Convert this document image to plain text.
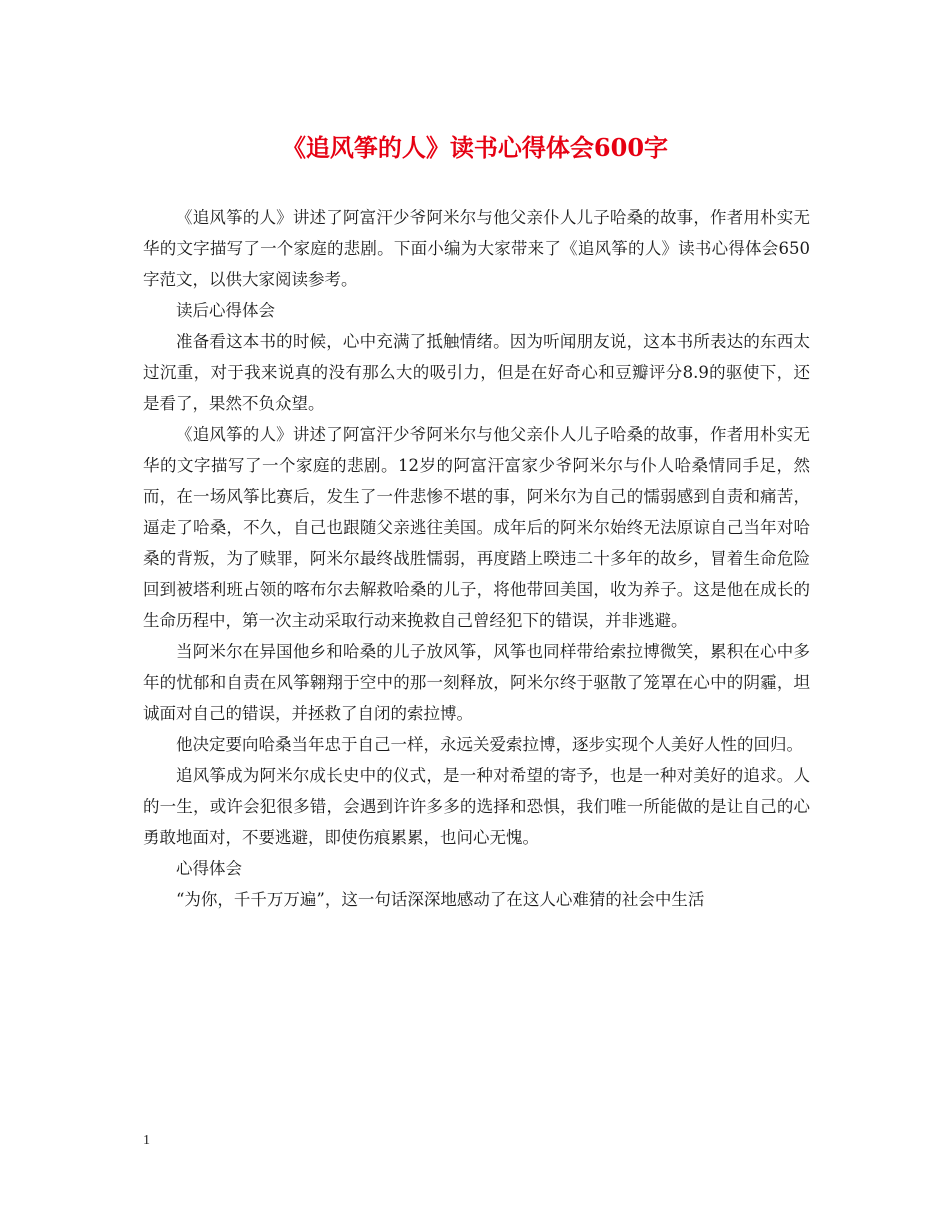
《追风筝的人》读书心得体会600字

《追风筝的人》讲述了阿富汗少爷阿米尔与他父亲仆人儿子哈桑的故事，作者用朴实无华的文字描写了一个家庭的悲剧。下面小编为大家带来了《追风筝的人》读书心得体会650字范文，以供大家阅读参考。

读后心得体会

准备看这本书的时候，心中充满了抵触情绪。因为听闻朋友说，这本书所表达的东西太过沉重，对于我来说真的没有那么大的吸引力，但是在好奇心和豆瓣评分8.9的驱使下，还是看了，果然不负众望。

《追风筝的人》讲述了阿富汗少爷阿米尔与他父亲仆人儿子哈桑的故事，作者用朴实无华的文字描写了一个家庭的悲剧。12岁的阿富汗富家少爷阿米尔与仆人哈桑情同手足，然而，在一场风筝比赛后，发生了一件悲惨不堪的事，阿米尔为自己的懦弱感到自责和痛苦，逼走了哈桑，不久，自己也跟随父亲逃往美国。成年后的阿米尔始终无法原谅自己当年对哈桑的背叛，为了赎罪，阿米尔最终战胜懦弱，再度踏上暌违二十多年的故乡，冒着生命危险回到被塔利班占领的喀布尔去解救哈桑的儿子，将他带回美国，收为养子。这是他在成长的生命历程中，第一次主动采取行动来挽救自己曾经犯下的错误，并非逃避。

当阿米尔在异国他乡和哈桑的儿子放风筝，风筝也同样带给索拉博微笑，累积在心中多年的忧郁和自责在风筝翱翔于空中的那一刻释放，阿米尔终于驱散了笼罩在心中的阴霾，坦诚面对自己的错误，并拯救了自闭的索拉博。

他决定要向哈桑当年忠于自己一样，永远关爱索拉博，逐步实现个人美好人性的回归。

追风筝成为阿米尔成长史中的仪式，是一种对希望的寄予，也是一种对美好的追求。人的一生，或许会犯很多错，会遇到许许多多的选择和恐惧，我们唯一所能做的是让自己的心勇敢地面对，不要逃避，即使伤痕累累，也问心无愧。

心得体会

“为你，千千万万遍”，这一句话深深地感动了在这人心难猜的社会中生活

1
